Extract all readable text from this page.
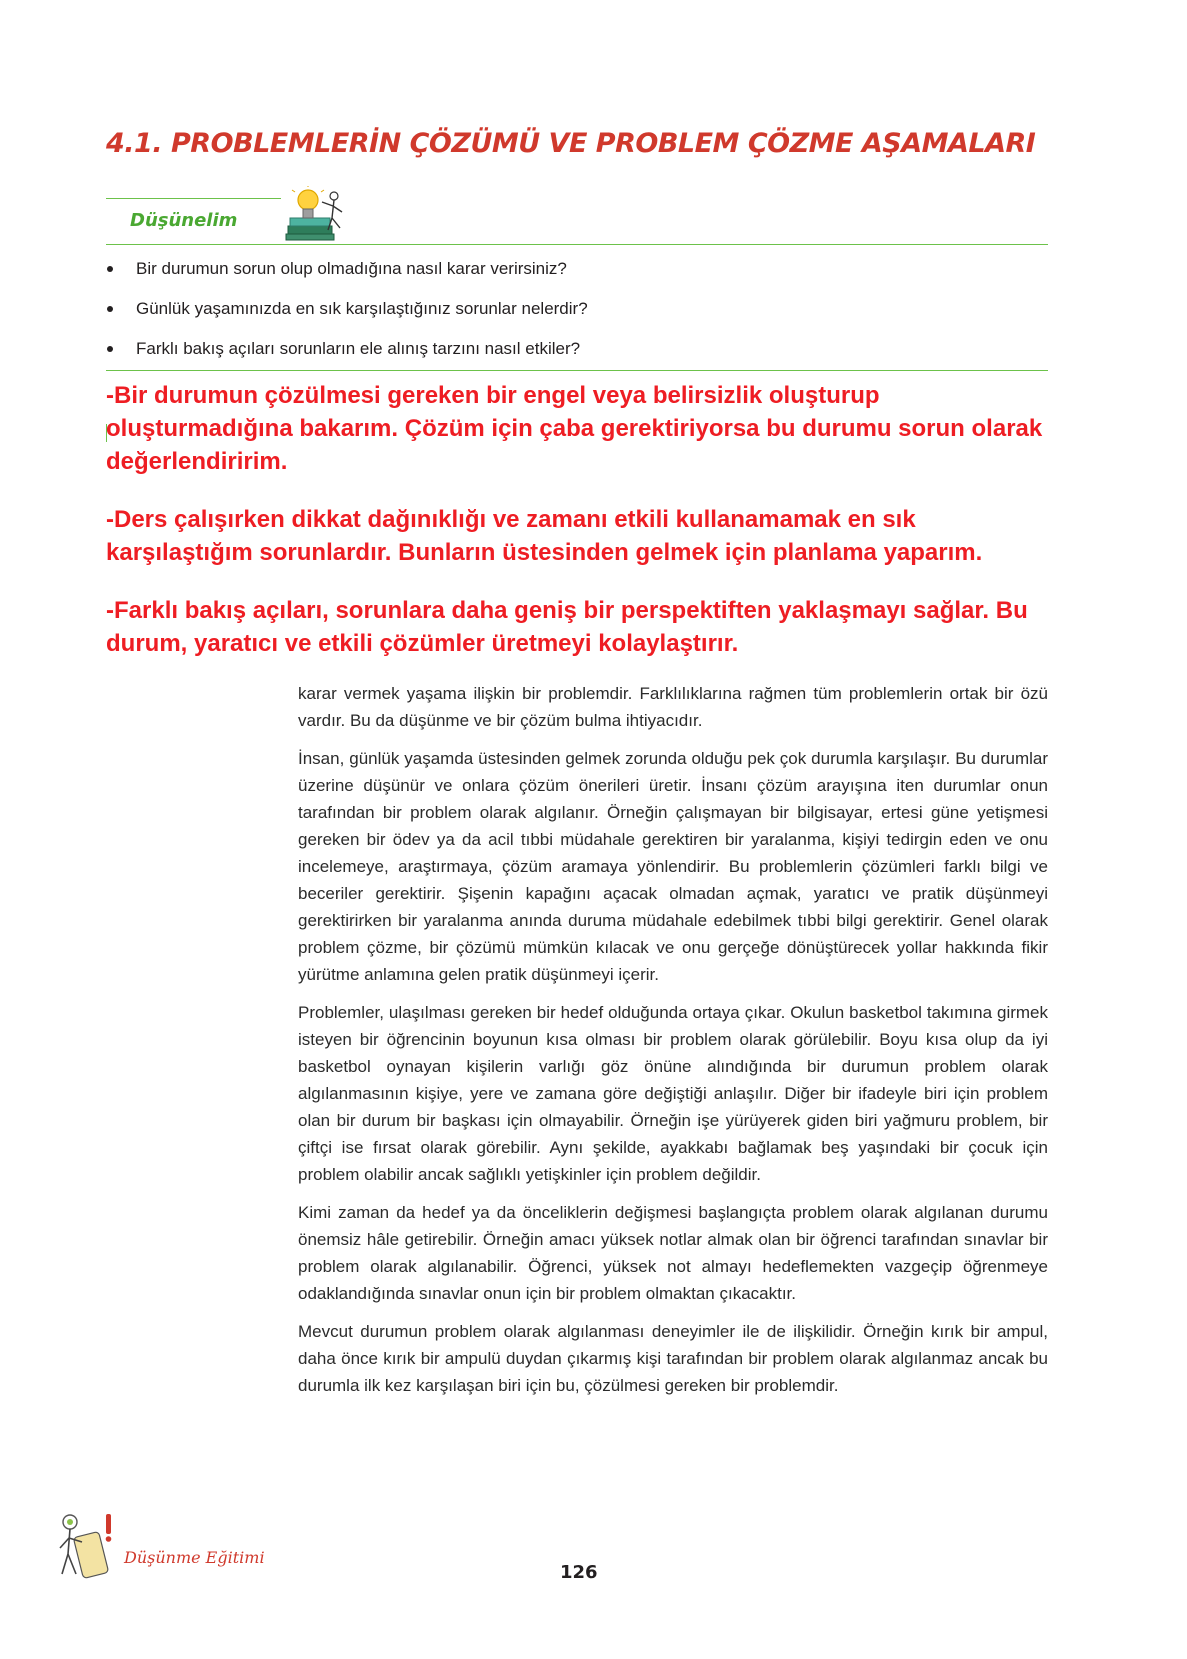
4.1. PROBLEMLERİN ÇÖZÜMÜ VE PROBLEM ÇÖZME AŞAMALARI
Düşünelim
Bir durumun sorun olup olmadığına nasıl karar verirsiniz?
Günlük yaşamınızda en sık karşılaştığınız sorunlar nelerdir?
Farklı bakış açıları sorunların ele alınış tarzını nasıl etkiler?

-Bir durumun çözülmesi gereken bir engel veya belirsizlik oluşturup oluşturmadığına bakarım. Çözüm için çaba gerektiriyorsa bu durumu sorun olarak değerlendiririm.

-Ders çalışırken dikkat dağınıklığı ve zamanı etkili kullanamamak en sık karşılaştığım sorunlardır. Bunların üstesinden gelmek için planlama yaparım.

-Farklı bakış açıları, sorunlara daha geniş bir perspektiften yaklaşmayı sağlar. Bu durum, yaratıcı ve etkili çözümler üretmeyi kolaylaştırır.

karar vermek yaşama ilişkin bir problemdir. Farklılıklarına rağmen tüm problemlerin ortak bir özü vardır. Bu da düşünme ve bir çözüm bulma ihtiyacıdır.

İnsan, günlük yaşamda üstesinden gelmek zorunda olduğu pek çok durumla karşılaşır. Bu durumlar üzerine düşünür ve onlara çözüm önerileri üretir. İnsanı çözüm arayışına iten durumlar onun tarafından bir problem olarak algılanır. Örneğin çalışmayan bir bilgisayar, ertesi güne yetişmesi gereken bir ödev ya da acil tıbbi müdahale gerektiren bir yaralanma, kişiyi tedirgin eden ve onu incelemeye, araştırmaya, çözüm aramaya yönlendirir. Bu problemlerin çözümleri farklı bilgi ve beceriler gerektirir. Şişenin kapağını açacak olmadan açmak, yaratıcı ve pratik düşünmeyi gerektirirken bir yaralanma anında duruma müdahale edebilmek tıbbi bilgi gerektirir. Genel olarak problem çözme, bir çözümü mümkün kılacak ve onu gerçeğe dönüştürecek yollar hakkında fikir yürütme anlamına gelen pratik düşünmeyi içerir.

Problemler, ulaşılması gereken bir hedef olduğunda ortaya çıkar. Okulun basketbol takımına girmek isteyen bir öğrencinin boyunun kısa olması bir problem olarak görülebilir. Boyu kısa olup da iyi basketbol oynayan kişilerin varlığı göz önüne alındığında bir durumun problem olarak algılanmasının kişiye, yere ve zamana göre değiştiği anlaşılır. Diğer bir ifadeyle biri için problem olan bir durum bir başkası için olmayabilir. Örneğin işe yürüyerek giden biri yağmuru problem, bir çiftçi ise fırsat olarak görebilir. Aynı şekilde, ayakkabı bağlamak beş yaşındaki bir çocuk için problem olabilir ancak sağlıklı yetişkinler için problem değildir.

Kimi zaman da hedef ya da önceliklerin değişmesi başlangıçta problem olarak algılanan durumu önemsiz hâle getirebilir. Örneğin amacı yüksek notlar almak olan bir öğrenci tarafından sınavlar bir problem olarak algılanabilir. Öğrenci, yüksek not almayı hedeflemekten vazgeçip öğrenmeye odaklandığında sınavlar onun için bir problem olmaktan çıkacaktır.

Mevcut durumun problem olarak algılanması deneyimler ile de ilişkilidir. Örneğin kırık bir ampul, daha önce kırık bir ampulü duydan çıkarmış kişi tarafından bir problem olarak algılanmaz ancak bu durumla ilk kez karşılaşan biri için bu, çözülmesi gereken bir problemdir.

Düşünme Eğitimi
126
